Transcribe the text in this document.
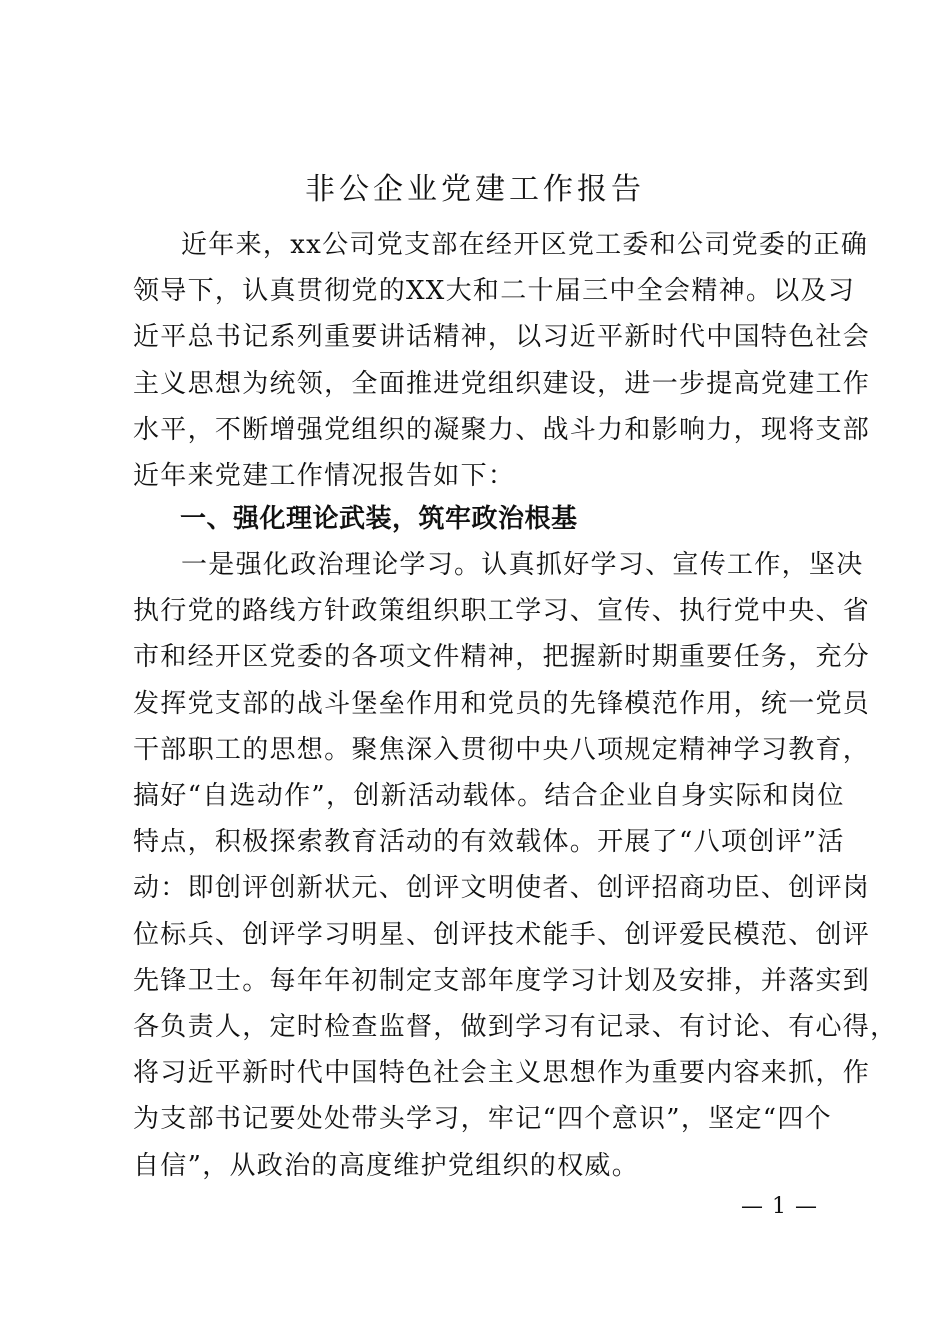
非公企业党建工作报告
近年来，xx公司党支部在经开区党工委和公司党委的正确
领导下，认真贯彻党的XX大和二十届三中全会精神。以及习
近平总书记系列重要讲话精神，以习近平新时代中国特色社会
主义思想为统领，全面推进党组织建设，进一步提高党建工作
水平，不断增强党组织的凝聚力、战斗力和影响力，现将支部
近年来党建工作情况报告如下：
一、强化理论武装，筑牢政治根基
一是强化政治理论学习。认真抓好学习、宣传工作，坚决
执行党的路线方针政策组织职工学习、宣传、执行党中央、省
市和经开区党委的各项文件精神，把握新时期重要任务，充分
发挥党支部的战斗堡垒作用和党员的先锋模范作用，统一党员
干部职工的思想。聚焦深入贯彻中央八项规定精神学习教育，
搞好“自选动作”，创新活动载体。结合企业自身实际和岗位
特点，积极探索教育活动的有效载体。开展了“八项创评”活
动：即创评创新状元、创评文明使者、创评招商功臣、创评岗
位标兵、创评学习明星、创评技术能手、创评爱民模范、创评
先锋卫士。每年年初制定支部年度学习计划及安排，并落实到
各负责人，定时检查监督，做到学习有记录、有讨论、有心得，
将习近平新时代中国特色社会主义思想作为重要内容来抓，作
为支部书记要处处带头学习，牢记“四个意识”，坚定“四个
自信”，从政治的高度维护党组织的权威。
— 1 —
